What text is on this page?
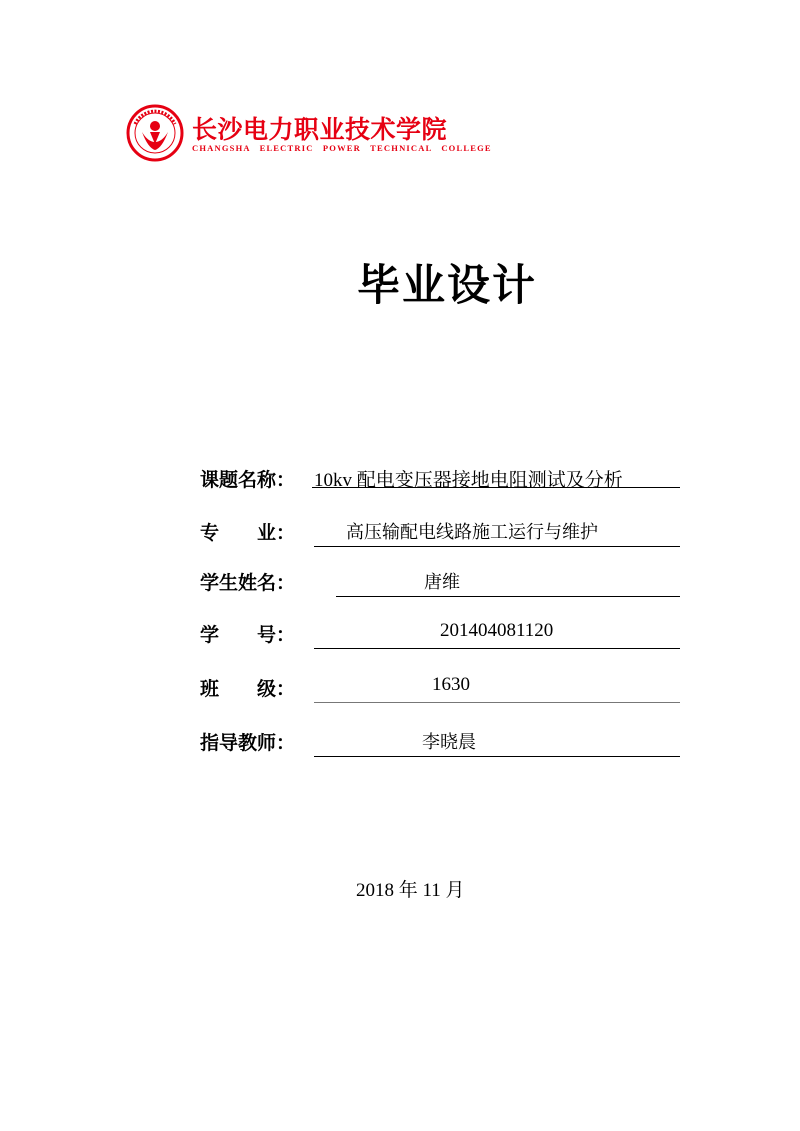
长沙电力职业技术学院
CHANGSHA ELECTRIC POWER TECHNICAL COLLEGE
毕业设计
课题名称： 10kv 配电变压器接地电阻测试及分析
专　　业：	高压输配电线路施工运行与维护
学生姓名：	唐维
学　　号：	201404081120
班　　级：	1630
指导教师：	李晓晨
2018 年 11 月
